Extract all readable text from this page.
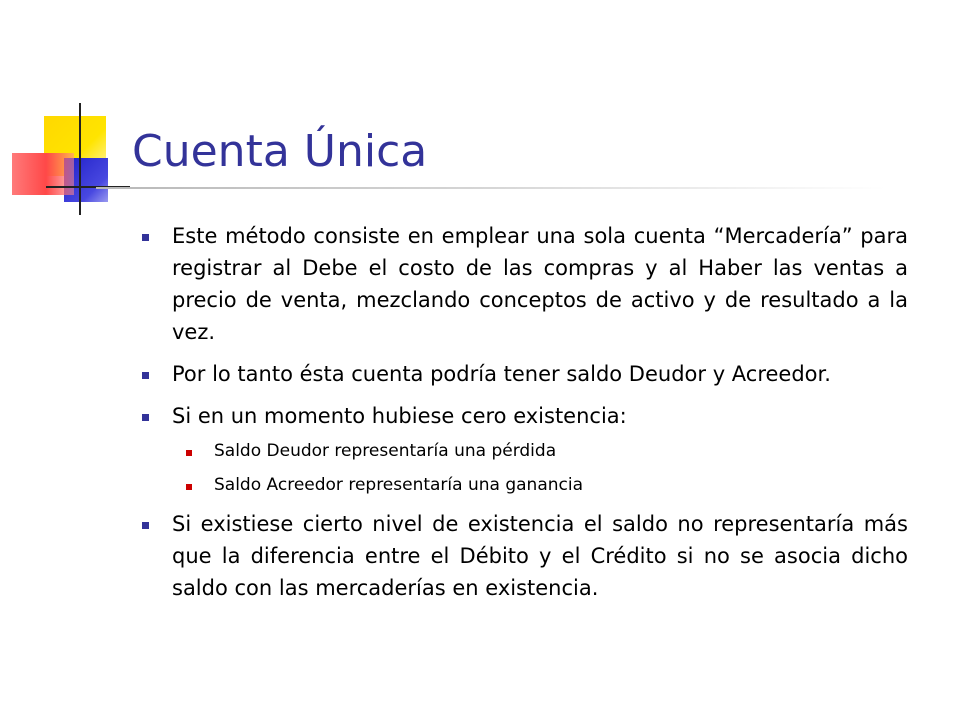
Cuenta Única

Este método consiste en emplear una sola cuenta “Mercadería” para registrar al Debe el costo de las compras y al Haber las ventas a precio de venta, mezclando conceptos de activo y de resultado a la vez.

Por lo tanto ésta cuenta podría tener saldo Deudor y Acreedor.

Si en un momento hubiese cero existencia:

Saldo Deudor representaría una pérdida

Saldo Acreedor representaría una ganancia

Si existiese cierto nivel de existencia el saldo no representaría más que la diferencia entre el Débito y el Crédito si no se asocia dicho saldo con las mercaderías en existencia.
